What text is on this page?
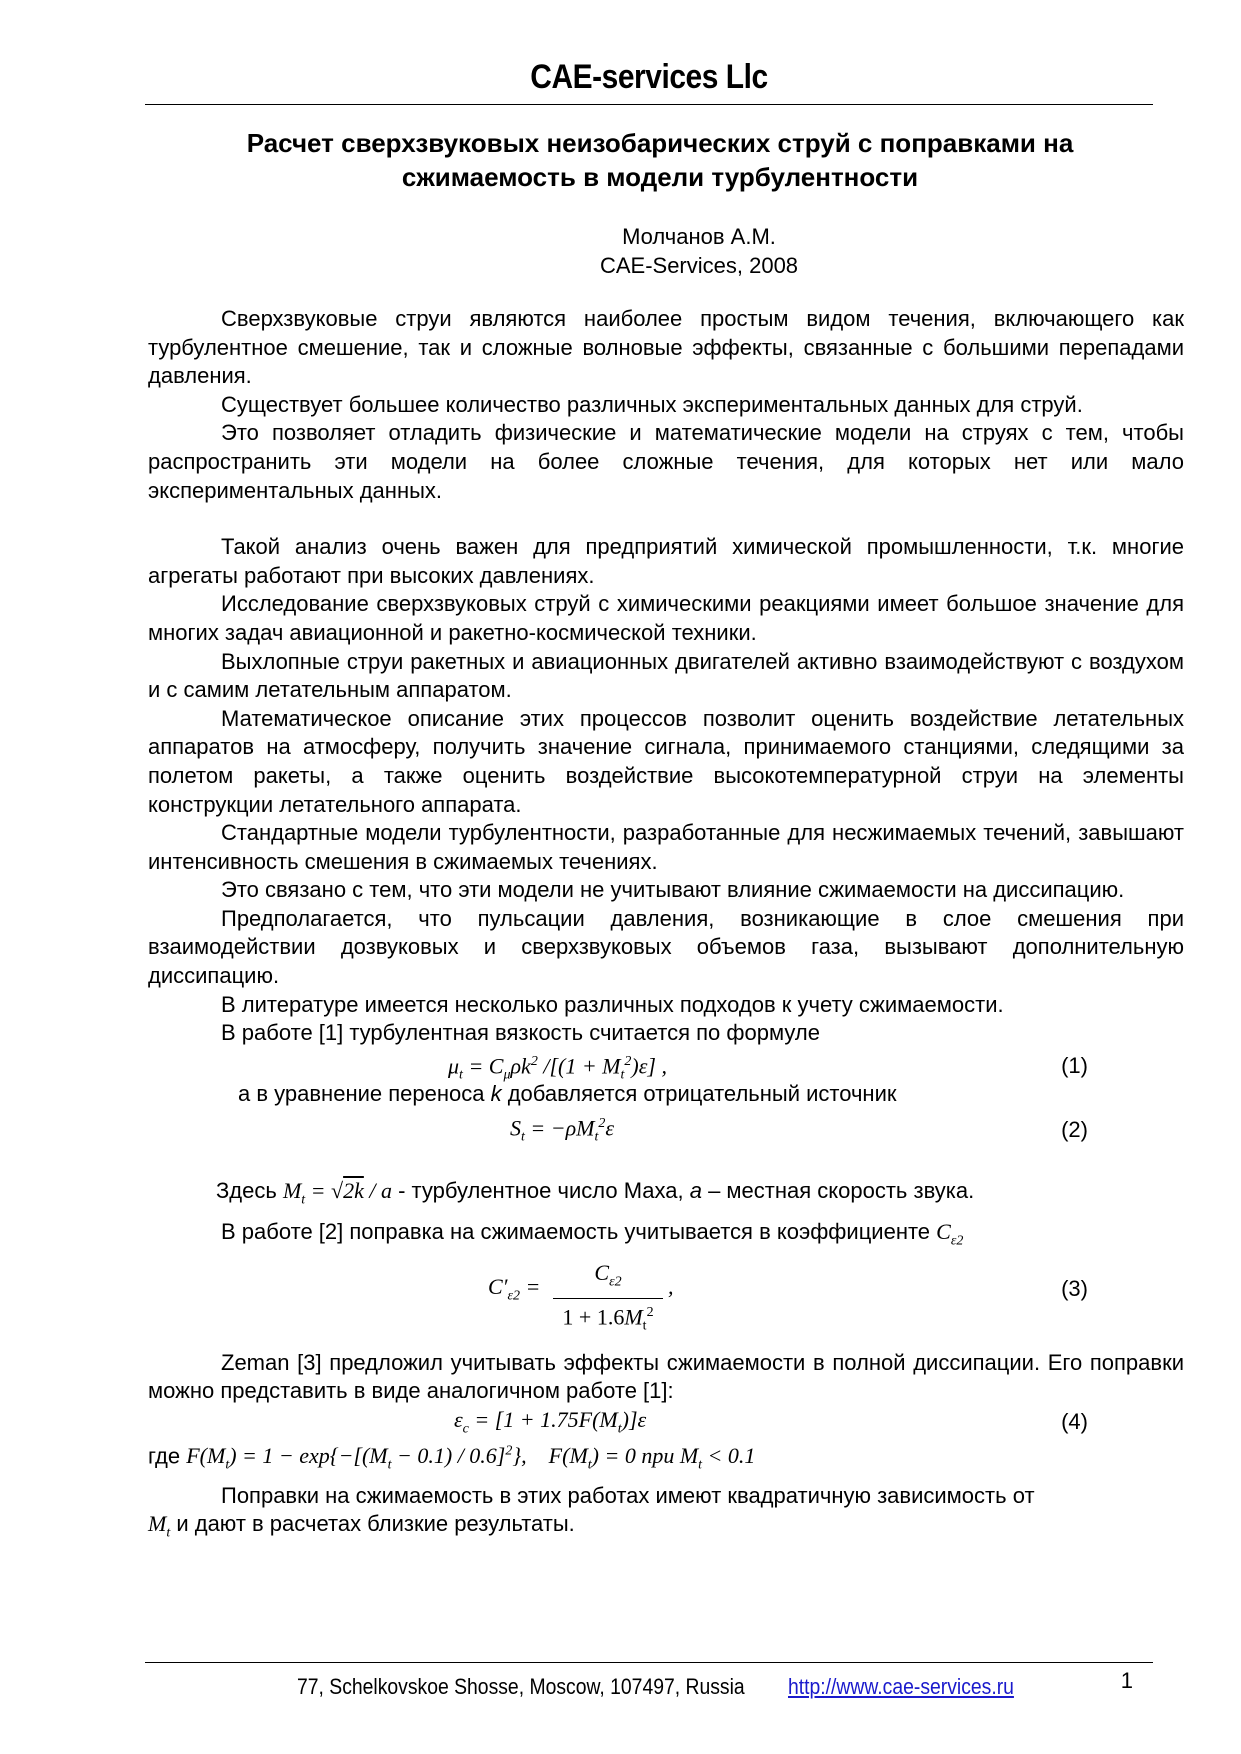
CAE-services Llc
Расчет сверхзвуковых неизобарических струй с поправками на
сжимаемость в модели турбулентности
Молчанов А.М.
CAE-Services, 2008

Сверхзвуковые струи являются наиболее простым видом течения, включающего как турбулентное смешение, так и сложные волновые эффекты, связанные с большими перепадами давления.

Существует большее количество различных экспериментальных данных для струй.

Это позволяет отладить физические и математические модели на струях с тем, чтобы распространить эти модели на более сложные течения, для которых нет или мало экспериментальных данных.

Такой анализ очень важен для предприятий химической промышленности, т.к. многие агрегаты работают при высоких давлениях.

Исследование сверхзвуковых струй с химическими реакциями имеет большое значение для многих задач авиационной и ракетно-космической техники.

Выхлопные струи ракетных и авиационных двигателей активно взаимодействуют с воздухом и с самим летательным аппаратом.

Математическое описание этих процессов позволит оценить воздействие летательных аппаратов на атмосферу, получить значение сигнала, принимаемого станциями, следящими за полетом ракеты, а также оценить воздействие высокотемпературной струи на элементы конструкции летательного аппарата.

Стандартные модели турбулентности, разработанные для несжимаемых течений, завышают интенсивность смешения в сжимаемых течениях.

Это связано с тем, что эти модели не учитывают влияние сжимаемости на диссипацию.

Предполагается, что пульсации давления, возникающие в слое смешения при взаимодействии дозвуковых и сверхзвуковых объемов газа, вызывают дополнительную диссипацию.

В литературе имеется несколько различных подходов к учету сжимаемости.

В работе [1] турбулентная вязкость считается по формуле

$\mu_t = C_\mu\rho k^2$ $/[(1 + M_t^2)\varepsilon]$ ,	(1)
а в уравнение переноса k добавляется отрицательный источник
$S_t = -\rho M_t^2\varepsilon$	(2)
Здесь $M_t = √2k / a$ - турбулентное число Маха, a – местная скорость звука.
В работе [2] поправка на сжимаемость учитывается в коэффициенте $C_{\varepsilon 2}$
$C'_{\varepsilon 2}$ =
$C_{\varepsilon 2}$
$1 + 1.6M_t^2$
,	(3)

Zeman [3] предложил учитывать эффекты сжимаемости в полной диссипации. Его поправки можно представить в виде аналогичном работе [1]:

$\varepsilon_c = [1 + 1.75F(M_t)]\varepsilon$	(4)
где $F(M_t) = 1 - \exp\{-[(M_t - 0.1) / 0.6]^2\}$,    $F(M_t) = 0$ при $M_t < 0.1$

Поправки на сжимаемость в этих работах имеют квадратичную зависимость от

$M_t$ и дают в расчетах близкие результаты.
77, Schelkovskoe Shosse, Moscow, 107497, Russia http://www.cae-services.ru	1
